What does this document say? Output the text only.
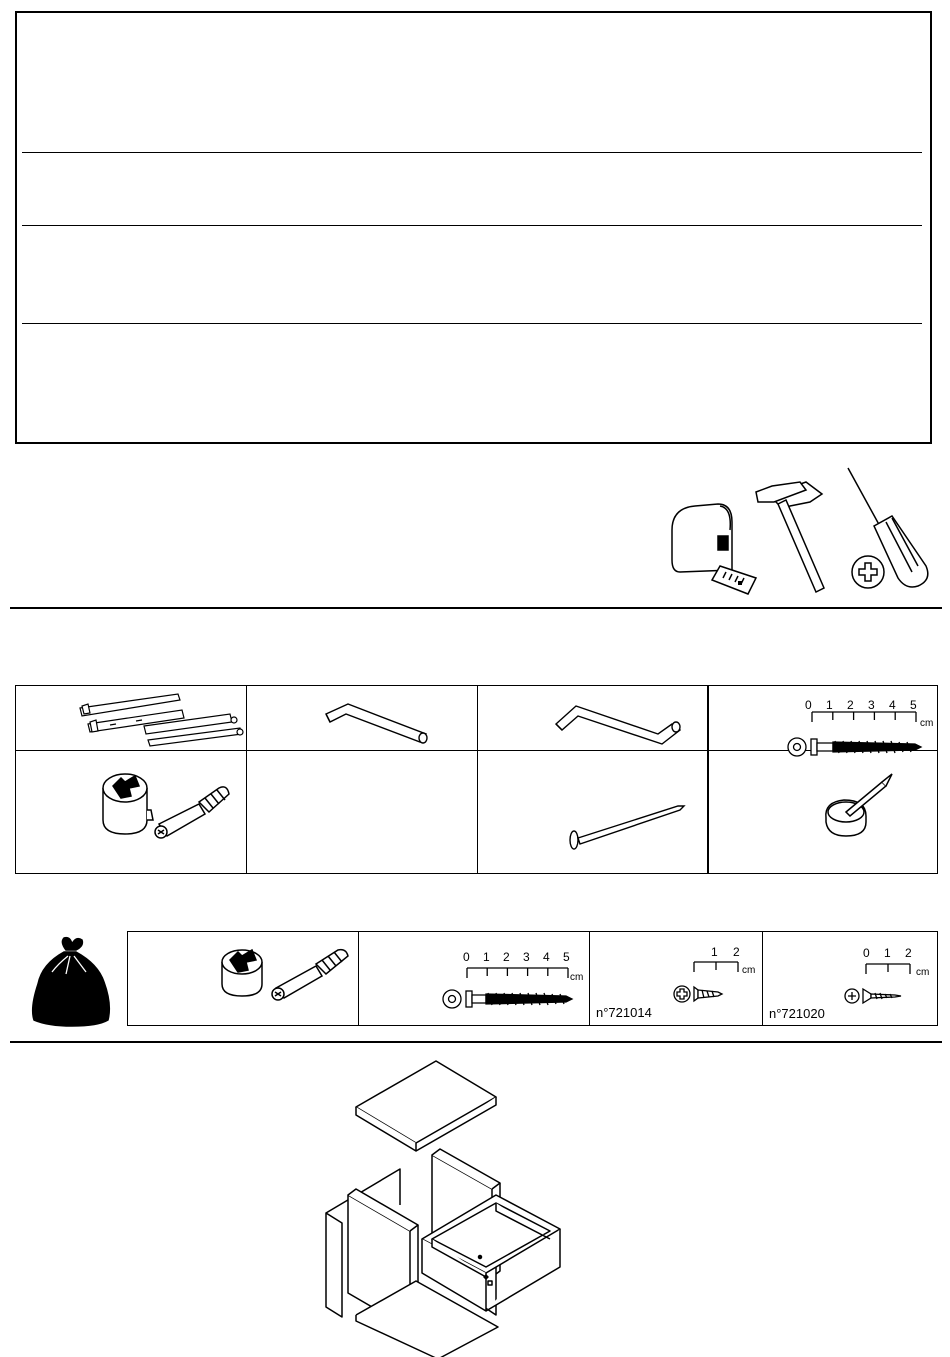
0 1 2 3 4 5
cm
0 1 2 3 4 5
cm
1 2
cm
n°721014
0 1 2
cm
n°721020
